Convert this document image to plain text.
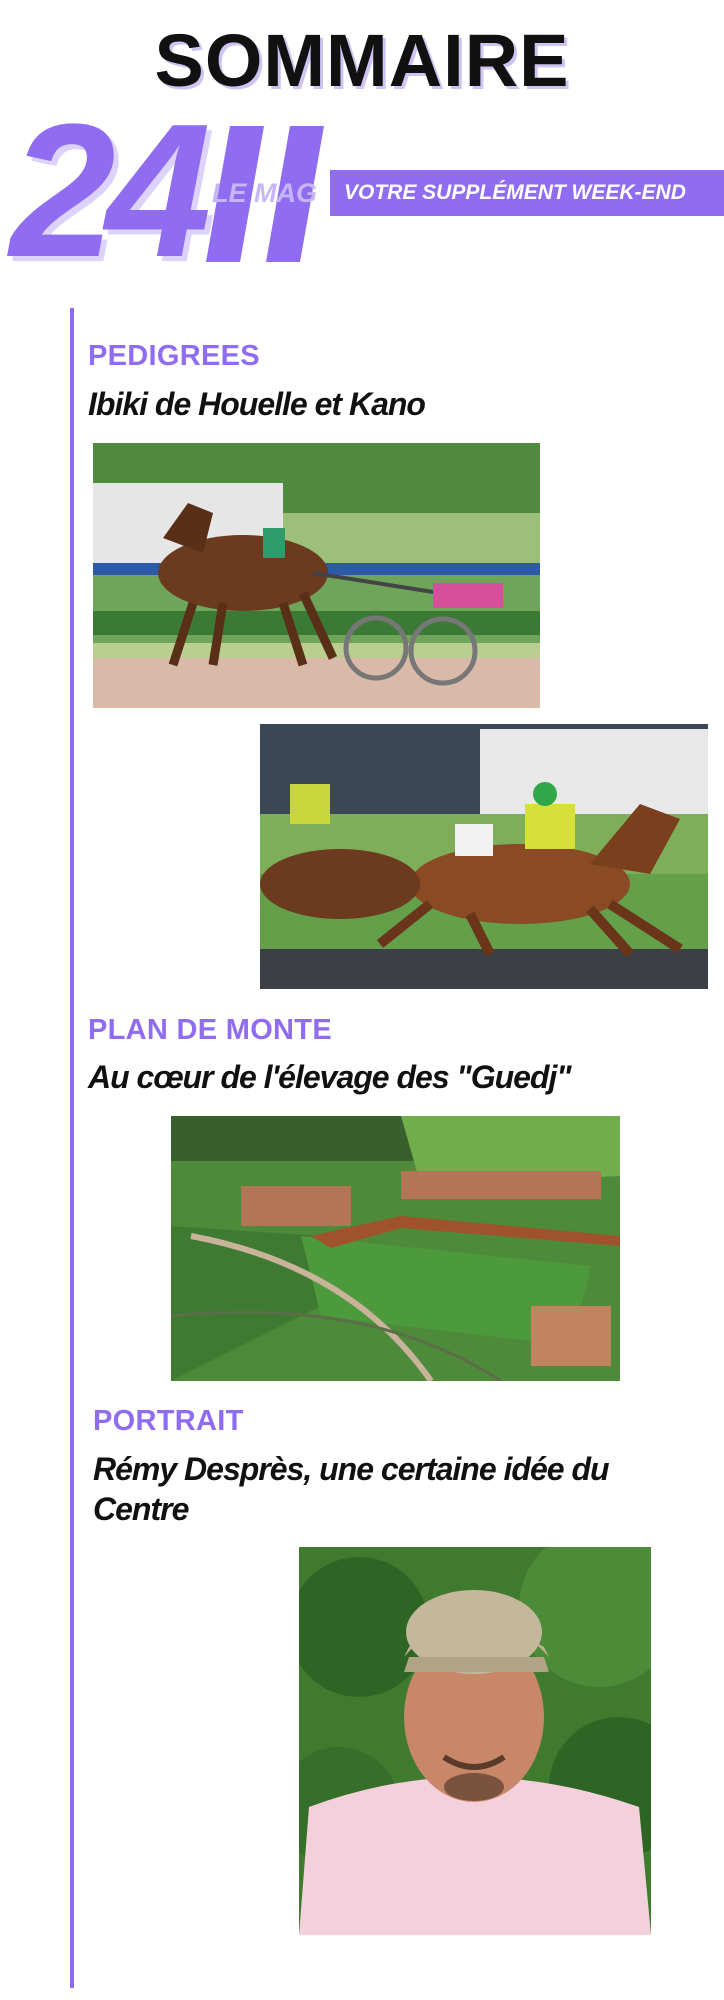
SOMMAIRE
24 LE MAG	VOTRE SUPPLÉMENT WEEK-END
PEDIGREES
Ibiki de Houelle et Kano
PLAN DE MONTE
Au cœur de l'élevage des "Guedj"
PORTRAIT
Rémy Desprès, une certaine idée du
Centre
